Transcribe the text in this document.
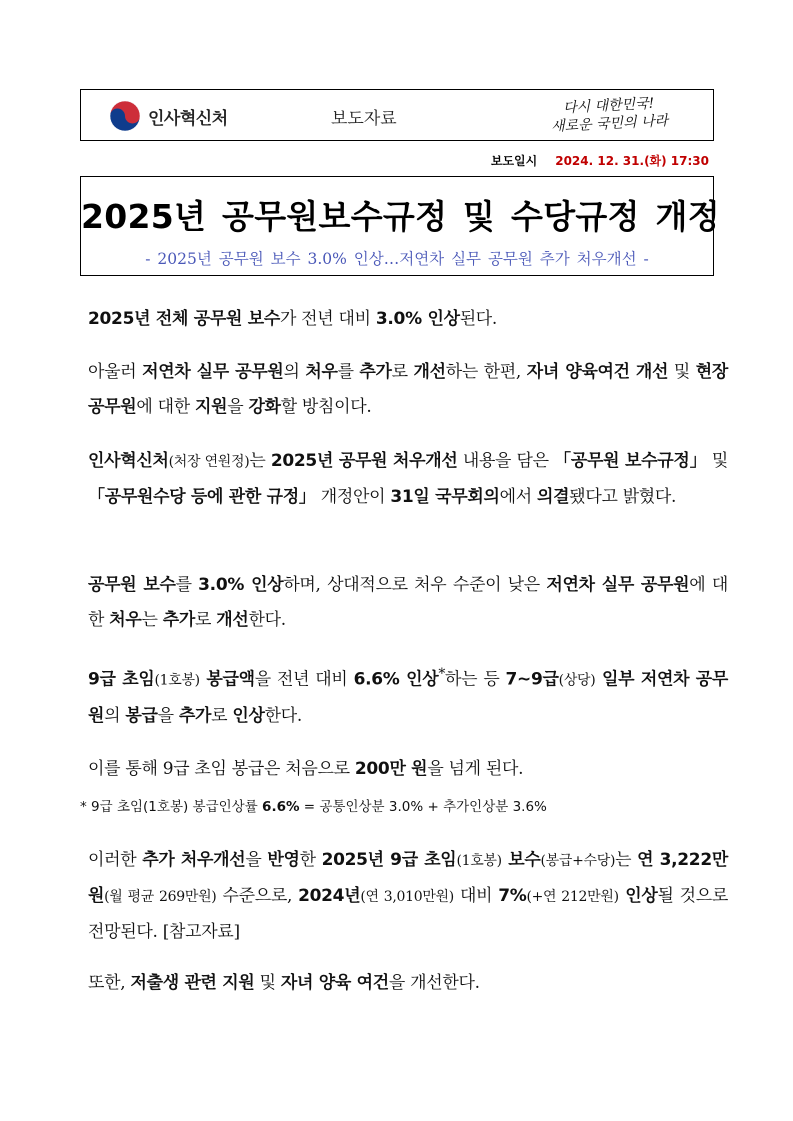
인사혁신처	보도자료
다시 대한민국!
새로운 국민의 나라
보도일시 2024. 12. 31.(화) 17:30
2025년 공무원보수규정 및 수당규정 개정
- 2025년 공무원 보수 3.0% 인상…저연차 실무 공무원 추가 처우개선 -
2025년 전체 공무원 보수가 전년 대비 3.0% 인상된다.
아울러 저연차 실무 공무원의 처우를 추가로 개선하는 한편, 자녀 양육여건 개선 및 현장 공무원에 대한 지원을 강화할 방침이다.
인사혁신처(처장 연원정)는 2025년 공무원 처우개선 내용을 담은 「공무원 보수규정」 및 「공무원수당 등에 관한 규정」 개정안이 31일 국무회의에서 의결됐다고 밝혔다.
공무원 보수를 3.0% 인상하며, 상대적으로 처우 수준이 낮은 저연차 실무 공무원에 대한 처우는 추가로 개선한다.
9급 초임(1호봉) 봉급액을 전년 대비 6.6% 인상*하는 등 7~9급(상당) 일부 저연차 공무원의 봉급을 추가로 인상한다.
이를 통해 9급 초임 봉급은 처음으로 200만 원을 넘게 된다.
* 9급 초임(1호봉) 봉급인상률 6.6% = 공통인상분 3.0% + 추가인상분 3.6%
이러한 추가 처우개선을 반영한 2025년 9급 초임(1호봉) 보수(봉급+수당)는 연 3,222만원(월 평균 269만원) 수준으로, 2024년(연 3,010만원) 대비 7%(+연 212만원) 인상될 것으로 전망된다. [참고자료]
또한, 저출생 관련 지원 및 자녀 양육 여건을 개선한다.
